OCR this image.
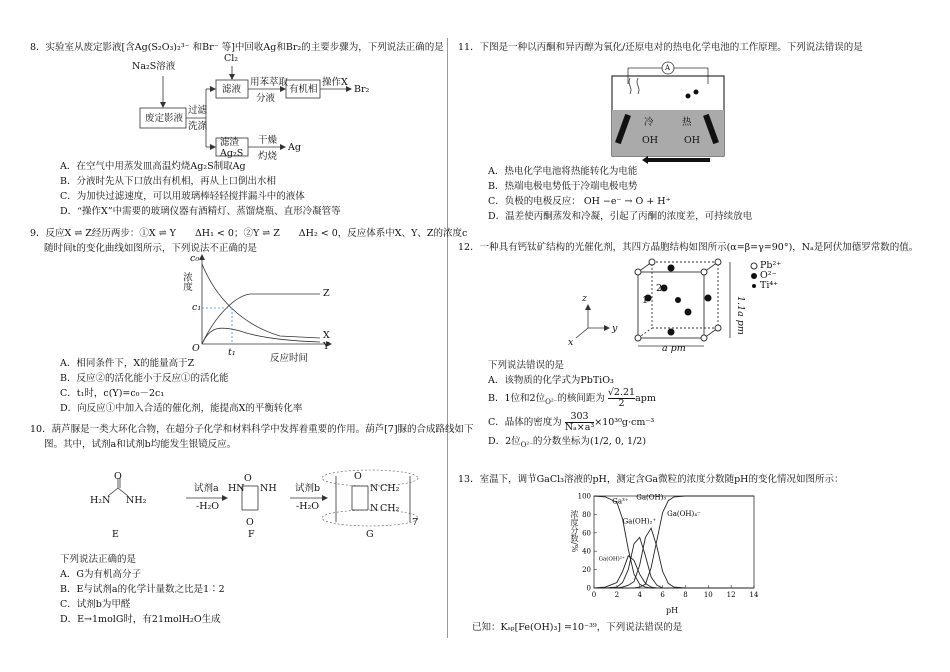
8．实验室从废定影液[含Ag(S₂O₃)₂³⁻ 和Br⁻ 等]中回收Ag和Br₂的主要步骤为，下列说法正确的是

Na₂S溶液
废定影液
过滤
洗涤
滤液
Cl₂
用苯萃取
分液
有机相
操作X
Br₂
滤渣
Ag₂S
干燥
灼烧
Ag

A．在空气中用蒸发皿高温灼烧Ag₂S制取Ag

B．分液时先从下口放出有机相，再从上口倒出水相

C．为加快过滤速度，可以用玻璃棒轻轻搅拌漏斗中的液体

D．“操作X”中需要的玻璃仪器有酒精灯、蒸馏烧瓶、直形冷凝管等

9．反应X ⇌ Z经历两步：①X ⇌ Y　　ΔH₁ < 0；②Y ⇌ Z　　ΔH₂ < 0，反应体系中X、Y、Z的浓度c

随时间t的变化曲线如图所示，下列说法不正确的是

浓度
c₀
c₁
O	t₁
反应时间
Z
X
Y

A．相同条件下，X的能量高于Z

B．反应②的活化能小于反应①的活化能

C．t₁时，c(Y)=c₀－2c₁

D．向反应①中加入合适的催化剂，能提高X的平衡转化率

10．葫芦脲是一类大环化合物，在超分子化学和材料科学中发挥着重要的作用。葫芦[7]脲的合成路线如下

图。其中，试剂a和试剂b均能发生银镜反应。

H₂N
O
NH₂
试剂a
-H₂O
O
HN NH
O
试剂b
-H₂O
O
N CH₂
N CH₂
7
E	F	G

下列说法正确的是

A．G为有机高分子

B．E与试剂a的化学计量数之比是1∶2

C．试剂b为甲醛

D．E→1molG时，有21molH₂O生成

11．下图是一种以丙酮和异丙醇为氧化/还原电对的热电化学电池的工作原理。下列说法错误的是

A
冷	热
OH	OH

A．热电化学电池将热能转化为电能

B．热端电极电势低于冷端电极电势

C．负极的电极反应： OH −e⁻ → O + H⁺

D．温差使丙酮蒸发和冷凝，引起了丙酮的浓度差，可持续放电

12．一种具有钙钛矿结构的光催化剂，其四方晶胞结构如图所示(α=β=γ=90°)，Nₐ是阿伏加德罗常数的值。

Pb²⁺
O²⁻
Ti⁴⁺
z
x
y
a pm
1.1a pm
1
2

下列说法错误的是

A．该物质的化学式为PbTiO₃

B．1位和2位$_{O^{2-}}$的核间距为 $\frac{√2.21}{2}$ apm

C．晶体的密度为 $\frac{303}{\text{Nₐ×a³}} \times 10^{30}g\cdot cm^{-3}$

D．2位$_{O^{2-}}$的分数坐标为(1/2, 0, 1/2)

13．室温下，调节GaCl₃溶液的pH，测定含Ga微粒的浓度分数随pH的变化情况如图所示：

0	2	4	6	8 10 12 14
0
20
40
60
80
100
Ga³⁺
Ga(OH)²⁺
Ga(OH)₂⁺
Ga(OH)₃
Ga(OH)₄⁻
浓度分数/%
pH

已知：Kₛₚ[Fe(OH)₃] =10⁻³⁹，下列说法错误的是
